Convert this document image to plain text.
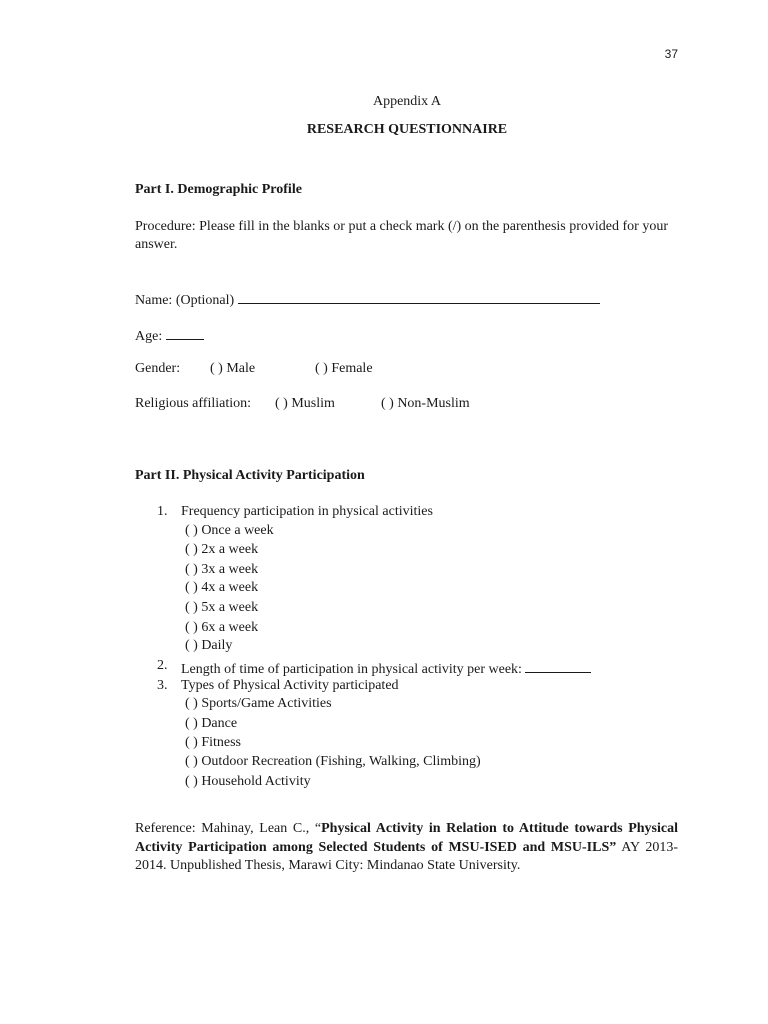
37
Appendix A
RESEARCH QUESTIONNAIRE
Part I. Demographic Profile
Procedure: Please fill in the blanks or put a check mark (/) on the parenthesis provided for your answer.
Name: (Optional)
Age:
Gender: ( ) Male	( ) Female
Religious affiliation: ( ) Muslim	( ) Non-Muslim
Part II. Physical Activity Participation
1. Frequency participation in physical activities
( ) Once a week
( ) 2x a week
( ) 3x a week
( ) 4x a week
( ) 5x a week
( ) 6x a week
( ) Daily
2. Length of time of participation in physical activity per week:
3. Types of Physical Activity participated
( ) Sports/Game Activities
( ) Dance
( ) Fitness
( ) Outdoor Recreation (Fishing, Walking, Climbing)
( ) Household Activity
Reference: Mahinay, Lean C., “Physical Activity in Relation to Attitude towards Physical Activity Participation among Selected Students of MSU-ISED and MSU-ILS” AY 2013-2014. Unpublished Thesis, Marawi City: Mindanao State University.
